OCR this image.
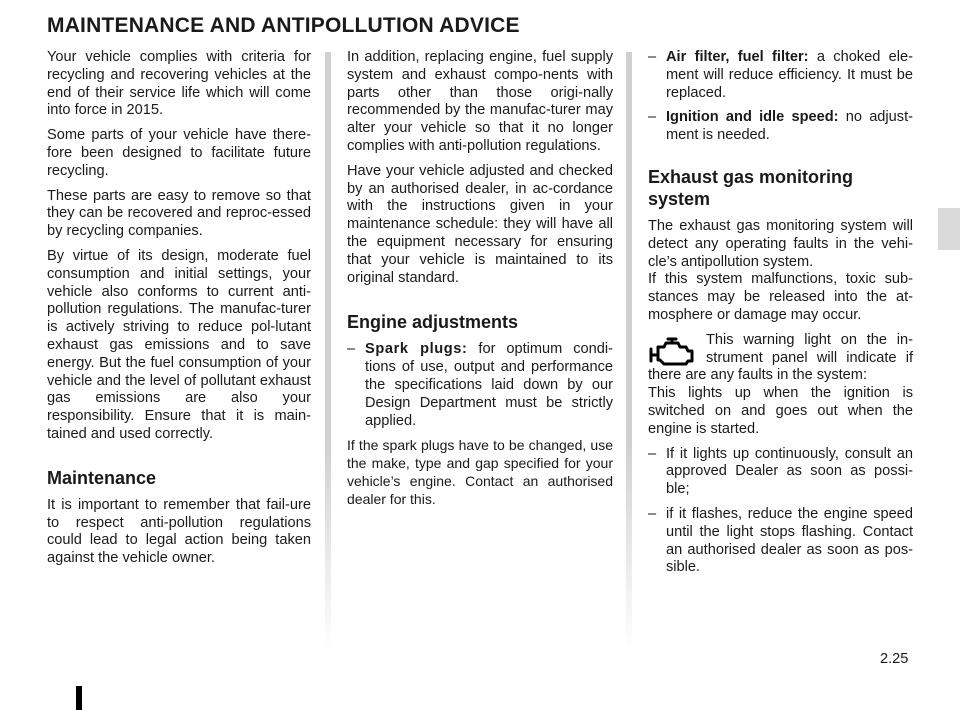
MAINTENANCE AND ANTIPOLLUTION ADVICE

Your vehicle complies with criteria for recycling and recovering vehicles at the end of their service life which will come into force in 2015.

Some parts of your vehicle have there-fore been designed to facilitate future recycling.

These parts are easy to remove so that they can be recovered and reproc-essed by recycling companies.

By virtue of its design, moderate fuel consumption and initial settings, your vehicle also conforms to current anti-pollution regulations. The manufac-turer is actively striving to reduce pol-lutant exhaust gas emissions and to save energy. But the fuel consumption of your vehicle and the level of pollutant exhaust gas emissions are also your responsibility. Ensure that it is main-tained and used correctly.

Maintenance

It is important to remember that fail-ure to respect anti-pollution regulations could lead to legal action being taken against the vehicle owner.

In addition, replacing engine, fuel supply system and exhaust compo-nents with parts other than those origi-nally recommended by the manufac-turer may alter your vehicle so that it no longer complies with anti-pollution regulations.

Have your vehicle adjusted and checked by an authorised dealer, in ac-cordance with the instructions given in your maintenance schedule: they will have all the equipment necessary for ensuring that your vehicle is maintained to its original standard.

Engine adjustments

– Spark plugs: for optimum condi-tions of use, output and performance the specifications laid down by our Design Department must be strictly applied.

If the spark plugs have to be changed, use the make, type and gap specified for your vehicle’s engine. Contact an authorised dealer for this.

– Air filter, fuel filter: a choked ele-ment will reduce efficiency. It must be replaced.

– Ignition and idle speed: no adjust-ment is needed.

Exhaust gas monitoring system

The exhaust gas monitoring system will detect any operating faults in the vehi-cle’s antipollution system.

If this system malfunctions, toxic sub-stances may be released into the at-mosphere or damage may occur.

This warning light on the in-strument panel will indicate if there are any faults in the system:

This lights up when the ignition is switched on and goes out when the engine is started.

– If it lights up continuously, consult an approved Dealer as soon as possi-ble;

– if it flashes, reduce the engine speed until the light stops flashing. Contact an authorised dealer as soon as pos-sible.

2.25
